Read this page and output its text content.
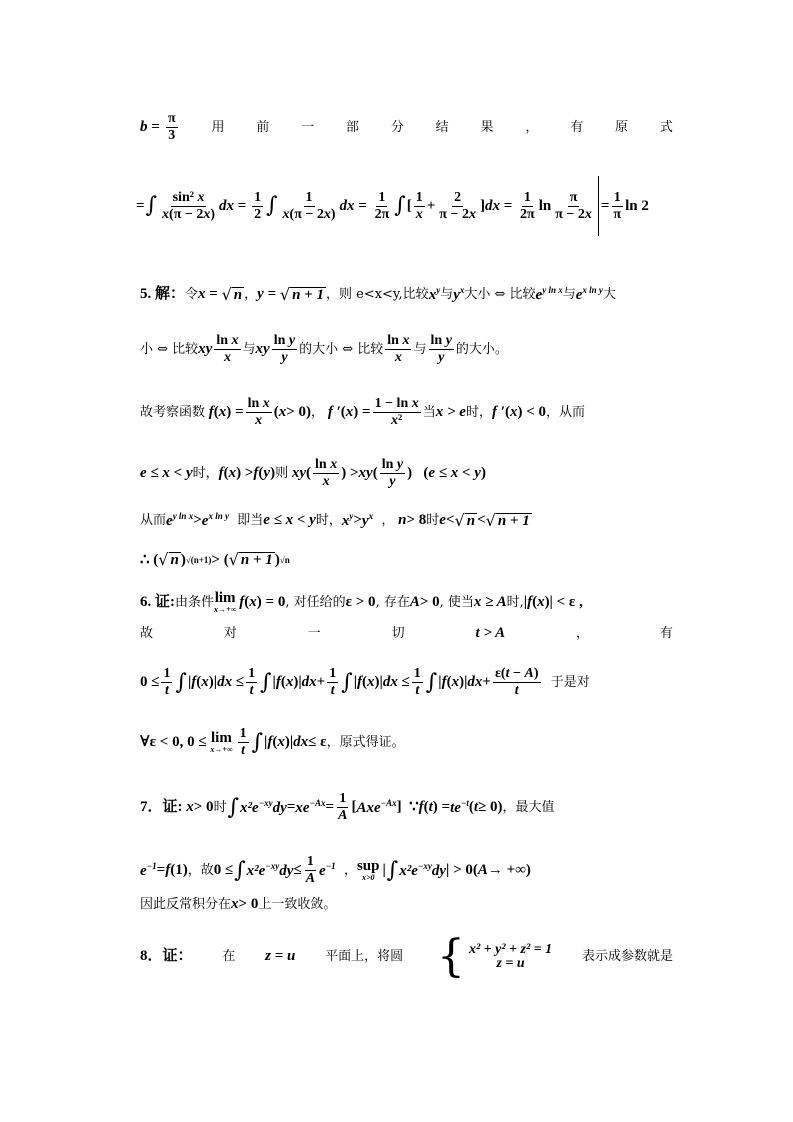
$b = \frac{\pi}{3}$	用 前 一 部 分 结 果 ， 有 原 式
= ∫ $\frac{\text{sin² x}}{x(\pi - 2x)}$ dx = $\frac{1}{2}$ ∫ $\frac{1}{x(\pi - 2x)}$ dx = $\frac{1}{2\pi}$ ∫ [ $\frac{1}{x} + \frac{2}{\pi - 2x}$ ] dx = $\frac{1}{2\pi}$ $\ln \frac{\pi}{\pi - 2x} = \frac{1}{\pi}$ ln 2
5. 解： 令 x = √ n ， y = √ n + 1 ，则 e<x<y,比较 $x^y$ 与 $y^x$ 大小 ⇔ 比较 $e^{y ln x}$ 与 $e^{x ln y}$ 大
小 ⇔ 比较 xy $\frac{\text{ln x}}{x}$ 与 xy $\frac{\text{ln y}}{y}$ 的大小 ⇔ 比较 $\frac{\text{ln x}}{x}$ 与 $\frac{\text{ln y}}{y}$ 的大小。
故考察函数 f ( x ) = $\frac{\text{ln x}}{x}$ ( x > 0) ， f ′ ( x ) = $\frac{\text{1 − ln x}}{\text{x²}}$ 当 x > e 时， f ′ ( x ) < 0 ，从而
e ≤ x < y 时， f ( x ) > f ( y ) 则 xy ( $\frac{\text{ln x}}{x}$ ) > xy ( $\frac{\text{ln y}}{y}$ )   ( e ≤ x < y )
从而 $e^{y ln x} > e^{x ln y}$
即当 e ≤ x < y 时， $x^y > y^x$
， n > 8 时 e < √ n < √ n + 1
∴ ( √ n ) √(n+1) > ( √ n + 1 ) √n
6. 证: 由条件 lim
x→+∞ f ( x ) = 0 , 对任给的 ε > 0 , 存在 A > 0 , 使当 x ≥ A 时, | f ( x )| < ε ,
故	对	一	切	t > A	，	有
$0 \le \frac{1}{t}$ ∫ | f ( x )| dx ≤ $\frac{1}{t}$ ∫ | f ( x )| dx + $\frac{1}{t}$ ∫ | f ( x )| dx ≤ $\frac{1}{t}$ ∫ | f ( x )| dx + $\frac{\varepsilon(t - A)}{t}$
于是对
∀ε < 0, 0 ≤ lim
$x\to+\infty \frac{1}{t}$ ∫ | f ( x )| dx ≤ ε ，原式得证。
7．证: x > 0 时 ∫ $x^2e^{-xy}dy = xe^{-Ax} = \frac{1}{A}$ [ Axe$^{-Ax}$ ]  ∵ f ( t ) = $te^{-t}$ ( t ≥ 0) ，最大值
$e^{-1} = f$ (1) ，故 0 ≤ ∫ $x^2e^{-xy}dy \le \frac{1}{A} e^{-1}$
， sup
x>0 | ∫ $x^2e^{-xy}dy$ | > 0( A → +∞)
因此反常积分在 x > 0 上一致收敛。
8．证： 在 z = u 平面上，将圆 { x² + y² + z² = 1
z = u	表示成参数就是
